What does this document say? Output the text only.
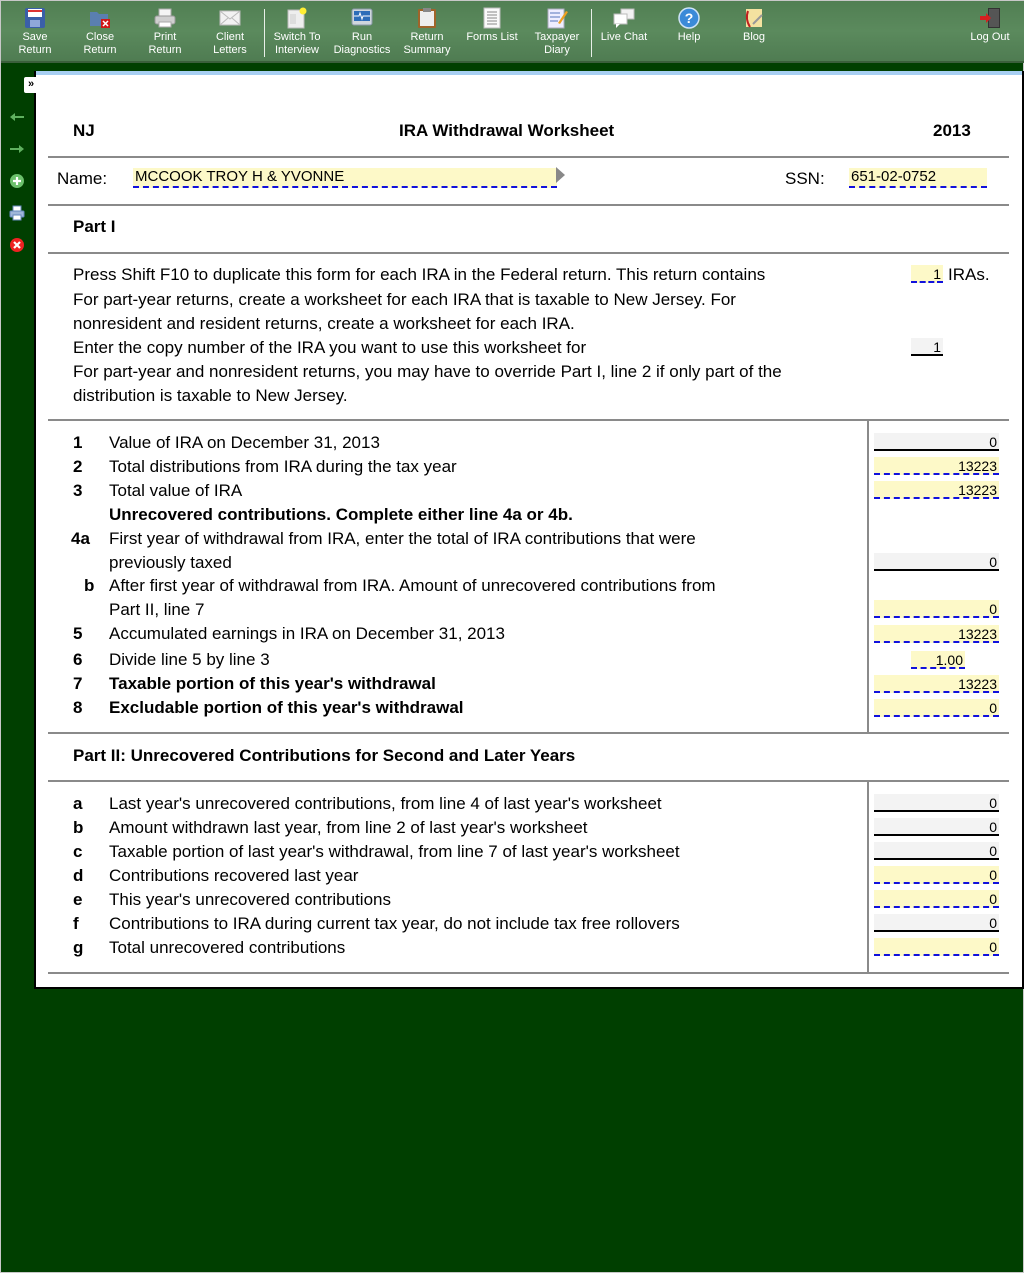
Save
Return
Close
Return
Print
Return
Client
Letters
Switch To
Interview
Run
Diagnostics
Return
Summary
Forms List	Taxpayer
Diary
Live Chat
?
Help	Blog	Log Out
»
NJ	IRA Withdrawal Worksheet	2013
Name: MCCOOK TROY H & YVONNE	SSN: 651-02-0752
Part I
Press Shift F10 to duplicate this form for each IRA in the Federal return. This return contains	1 IRAs.
For part-year returns, create a worksheet for each IRA that is taxable to New Jersey. For
nonresident and resident returns, create a worksheet for each IRA.
Enter the copy number of the IRA you want to use this worksheet for	1
For part-year and nonresident returns, you may have to override Part I, line 2 if only part of the
distribution is taxable to New Jersey.
1 Value of IRA on December 31, 2013	0
2 Total distributions from IRA during the tax year	13223
3 Total value of IRA	13223
Unrecovered contributions. Complete either line 4a or 4b.
4a First year of withdrawal from IRA, enter the total of IRA contributions that were
previously taxed	0
b After first year of withdrawal from IRA. Amount of unrecovered contributions from
Part II, line 7	0
5 Accumulated earnings in IRA on December 31, 2013	13223
6 Divide line 5 by line 3	1.00
7 Taxable portion of this year's withdrawal	13223
8 Excludable portion of this year's withdrawal	0
Part II: Unrecovered Contributions for Second and Later Years
a Last year's unrecovered contributions, from line 4 of last year's worksheet	0
b Amount withdrawn last year, from line 2 of last year's worksheet	0
c Taxable portion of last year's withdrawal, from line 7 of last year's worksheet	0
d Contributions recovered last year	0
e This year's unrecovered contributions	0
f Contributions to IRA during current tax year, do not include tax free rollovers	0
g Total unrecovered contributions	0
